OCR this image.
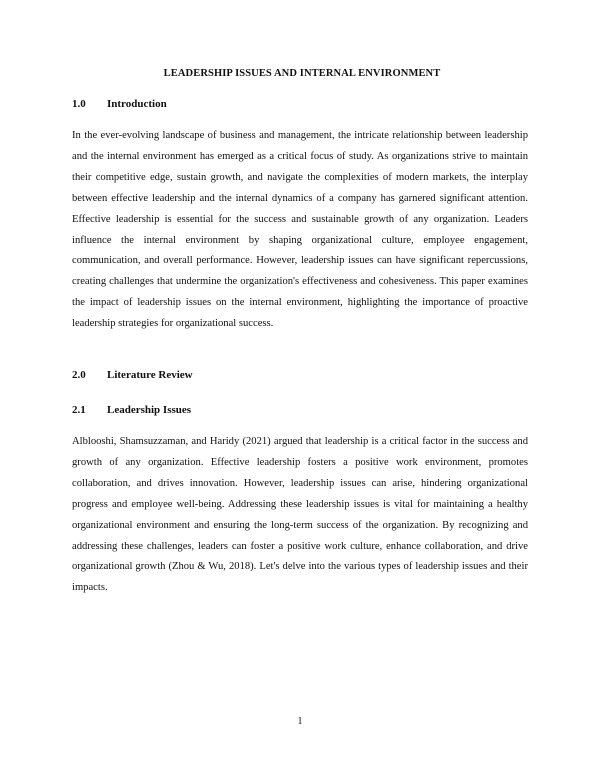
LEADERSHIP ISSUES AND INTERNAL ENVIRONMENT
1.0	Introduction

In the ever-evolving landscape of business and management, the intricate relationship between leadership and the internal environment has emerged as a critical focus of study. As organizations strive to maintain their competitive edge, sustain growth, and navigate the complexities of modern markets, the interplay between effective leadership and the internal dynamics of a company has garnered significant attention. Effective leadership is essential for the success and sustainable growth of any organization. Leaders influence the internal environment by shaping organizational culture, employee engagement, communication, and overall performance. However, leadership issues can have significant repercussions, creating challenges that undermine the organization's effectiveness and cohesiveness. This paper examines the impact of leadership issues on the internal environment, highlighting the importance of proactive leadership strategies for organizational success.

2.0	Literature Review
2.1	Leadership Issues

Alblooshi, Shamsuzzaman, and Haridy (2021) argued that leadership is a critical factor in the success and growth of any organization. Effective leadership fosters a positive work environment, promotes collaboration, and drives innovation. However, leadership issues can arise, hindering organizational progress and employee well-being. Addressing these leadership issues is vital for maintaining a healthy organizational environment and ensuring the long-term success of the organization. By recognizing and addressing these challenges, leaders can foster a positive work culture, enhance collaboration, and drive organizational growth (Zhou & Wu, 2018). Let's delve into the various types of leadership issues and their impacts.

1
